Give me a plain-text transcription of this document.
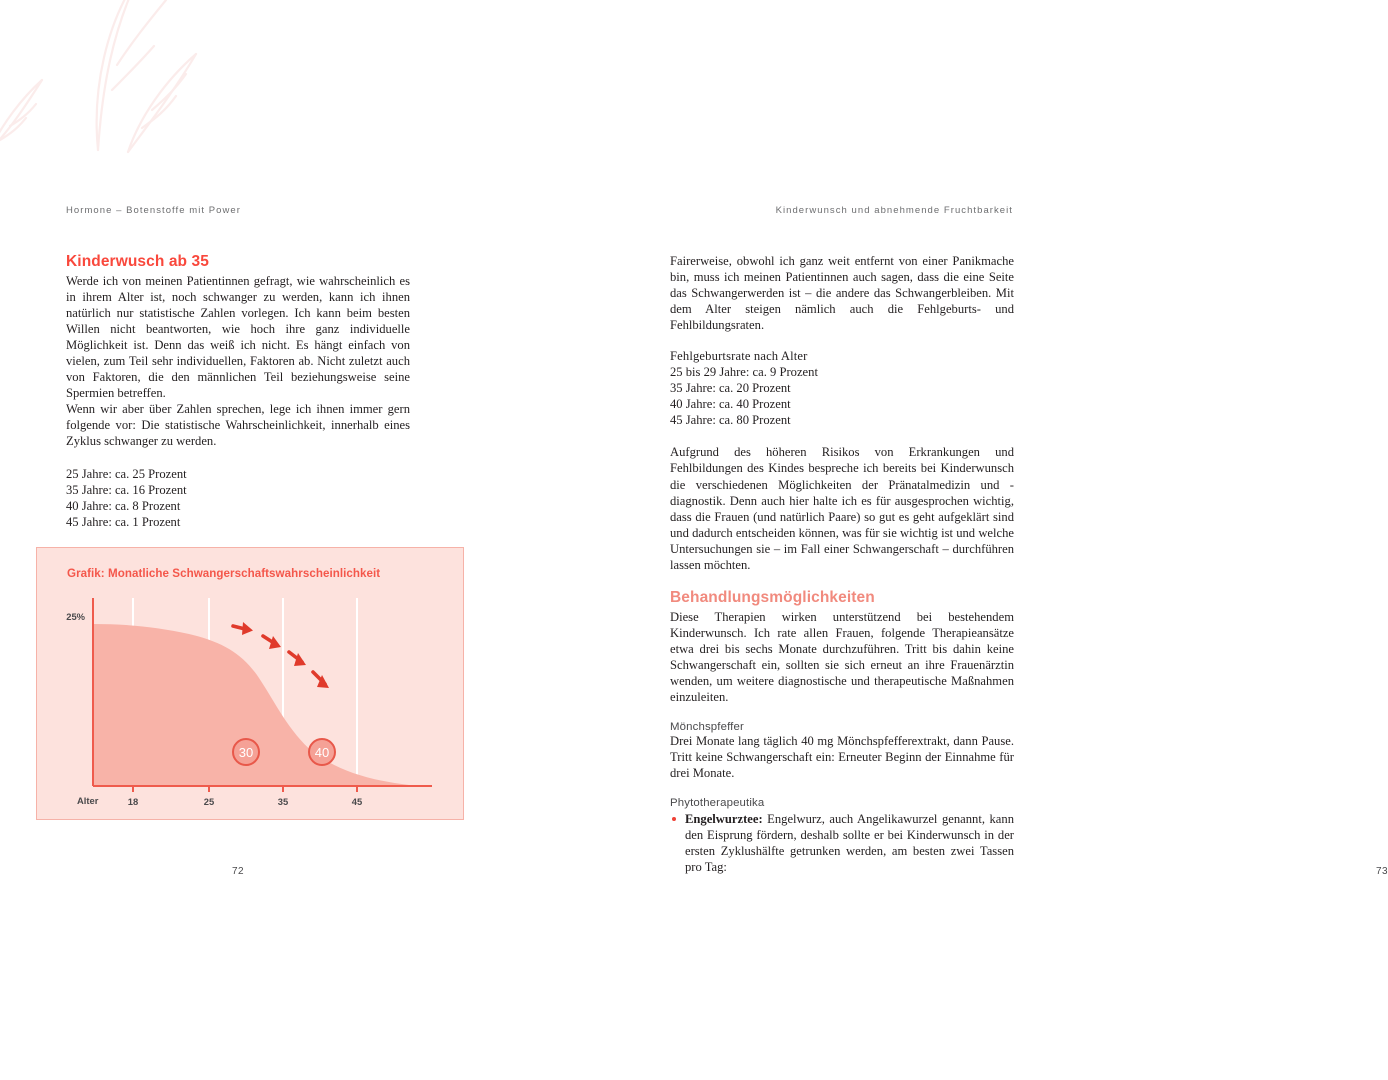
Hormone – Botenstoffe mit Power
Kinderwusch ab 35

Werde ich von meinen Patientinnen gefragt, wie wahrscheinlich es in ihrem Alter ist, noch schwanger zu werden, kann ich ihnen natürlich nur statistische Zahlen vorlegen. Ich kann beim besten Willen nicht beantworten, wie hoch ihre ganz individuelle Möglichkeit ist. Denn das weiß ich nicht. Es hängt einfach von vielen, zum Teil sehr individuellen, Faktoren ab. Nicht zuletzt auch von Faktoren, die den männlichen Teil beziehungsweise seine Spermien betreffen.

Wenn wir aber über Zahlen sprechen, lege ich ihnen immer gern folgende vor: Die statistische Wahrscheinlichkeit, innerhalb eines Zyklus schwanger zu werden.

25 Jahre: ca. 25 Prozent
35 Jahre: ca. 16 Prozent
40 Jahre: ca. 8 Prozent
45 Jahre: ca. 1 Prozent
Grafik: Monatliche Schwangerschaftswahrscheinlichkeit
25%
Alter	18	25	35	45
30	40
72
Kinderwunsch und abnehmende Fruchtbarkeit

Fairerweise, obwohl ich ganz weit entfernt von einer Panikmache bin, muss ich meinen Patientinnen auch sagen, dass die eine Seite das Schwangerwerden ist – die andere das Schwangerbleiben. Mit dem Alter steigen nämlich auch die Fehlgeburts- und Fehlbildungsraten.

Fehlgeburtsrate nach Alter
25 bis 29 Jahre: ca. 9 Prozent
35 Jahre: ca. 20 Prozent
40 Jahre: ca. 40 Prozent
45 Jahre: ca. 80 Prozent

Aufgrund des höheren Risikos von Erkrankungen und Fehlbildungen des Kindes bespreche ich bereits bei Kinderwunsch die verschiedenen Möglichkeiten der Pränatalmedizin und -diagnostik. Denn auch hier halte ich es für ausgesprochen wichtig, dass die Frauen (und natürlich Paare) so gut es geht aufgeklärt sind und dadurch entscheiden können, was für sie wichtig ist und welche Untersuchungen sie – im Fall einer Schwangerschaft – durchführen lassen möchten.

Behandlungsmöglichkeiten

Diese Therapien wirken unterstützend bei bestehendem Kinderwunsch. Ich rate allen Frauen, folgende Therapieansätze etwa drei bis sechs Monate durchzuführen. Tritt bis dahin keine Schwangerschaft ein, sollten sie sich erneut an ihre Frauenärztin wenden, um weitere diagnostische und therapeutische Maßnahmen einzuleiten.

Mönchspfeffer

Drei Monate lang täglich 40 mg Mönchspfefferextrakt, dann Pause. Tritt keine Schwangerschaft ein: Erneuter Beginn der Einnahme für drei Monate.

Phytotherapeutika
Engelwurztee: Engelwurz, auch Angelikawurzel genannt, kann den Eisprung fördern, deshalb sollte er bei Kinderwunsch in der ersten Zyklushälfte getrunken werden, am besten zwei Tassen pro Tag:	73
